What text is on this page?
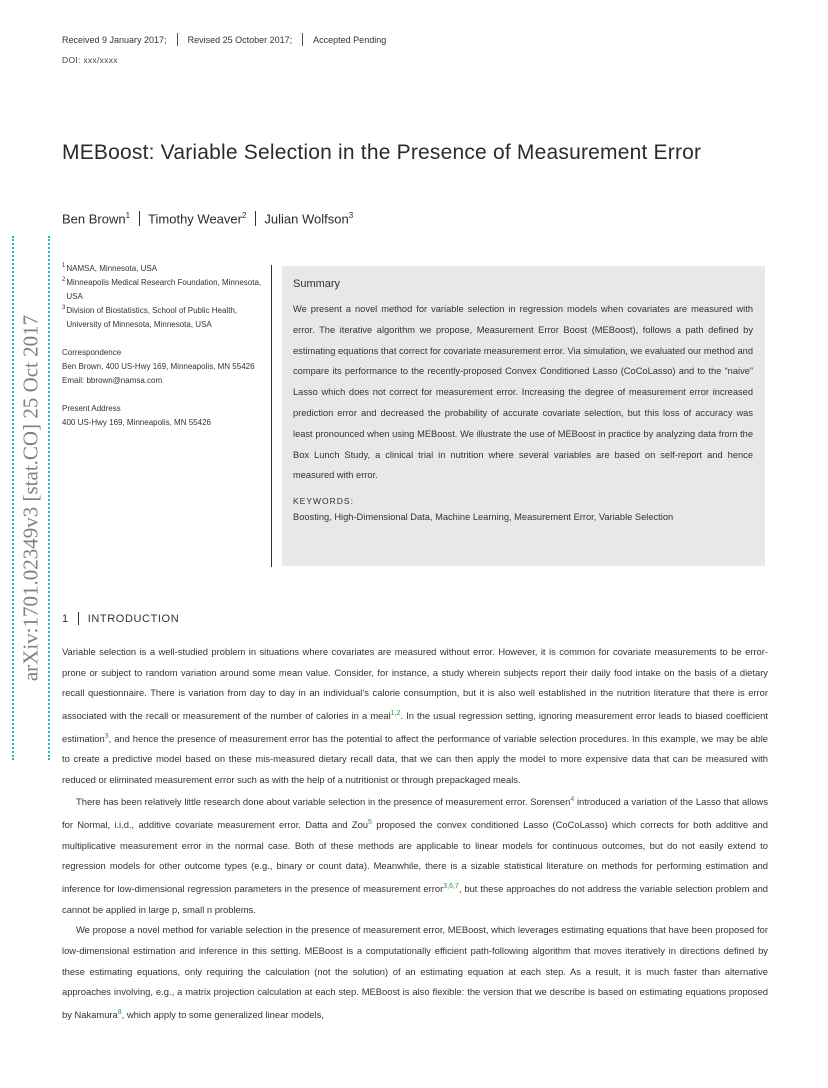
Received 9 January 2017; Revised 25 October 2017; Accepted Pending
DOI: xxx/xxxx
MEBoost: Variable Selection in the Presence of Measurement Error
Ben Brown$^1$ Timothy Weaver$^2$ Julian Wolfson$^3$
arXiv:1701.02349v3 [stat.CO] 25 Oct 2017
1 NAMSA, Minnesota, USA
2 Minneapolis Medical Research Foundation, Minnesota, USA
3 Division of Biostatistics, School of Public Health, University of Minnesota, Minnesota, USA
Correspondence
Ben Brown, 400 US-Hwy 169, Minneapolis, MN 55426 Email: bbrown@namsa.com
Present Address
400 US-Hwy 169, Minneapolis, MN 55426
Summary
We present a novel method for variable selection in regression models when covariates are measured with error. The iterative algorithm we propose, Measurement Error Boost (MEBoost), follows a path defined by estimating equations that correct for covariate measurement error. Via simulation, we evaluated our method and compare its performance to the recently-proposed Convex Conditioned Lasso (CoCoLasso) and to the “naive” Lasso which does not correct for measurement error. Increasing the degree of measurement error increased prediction error and decreased the probability of accurate covariate selection, but this loss of accuracy was least pronounced when using MEBoost. We illustrate the use of MEBoost in practice by analyzing data from the Box Lunch Study, a clinical trial in nutrition where several variables are based on self-report and hence measured with error.
KEYWORDS:
Boosting, High-Dimensional Data, Machine Learning, Measurement Error, Variable Selection
1 INTRODUCTION

Variable selection is a well-studied problem in situations where covariates are measured without error. However, it is common for covariate measurements to be error-prone or subject to random variation around some mean value. Consider, for instance, a study wherein subjects report their daily food intake on the basis of a dietary recall questionnaire. There is variation from day to day in an individual’s calorie consumption, but it is also well established in the nutrition literature that there is error associated with the recall or measurement of the number of calories in a meal$^{1,2}$. In the usual regression setting, ignoring measurement error leads to biased coefficient estimation$^3$, and hence the presence of measurement error has the potential to affect the performance of variable selection procedures. In this example, we may be able to create a predictive model based on these mis-measured dietary recall data, that we can then apply the model to more expensive data that can be measured with reduced or eliminated measurement error such as with the help of a nutritionist or through prepackaged meals.

There has been relatively little research done about variable selection in the presence of measurement error. Sorensen$^4$ introduced a variation of the Lasso that allows for Normal, i.i.d., additive covariate measurement error. Datta and Zou$^5$ proposed the convex conditioned Lasso (CoCoLasso) which corrects for both additive and multiplicative measurement error in the normal case. Both of these methods are applicable to linear models for continuous outcomes, but do not easily extend to regression models for other outcome types (e.g., binary or count data). Meanwhile, there is a sizable statistical literature on methods for performing estimation and inference for low-dimensional regression parameters in the presence of measurement error$^{3,6,7}$, but these approaches do not address the variable selection problem and cannot be applied in large p, small n problems.

We propose a novel method for variable selection in the presence of measurement error, MEBoost, which leverages estimating equations that have been proposed for low-dimensional estimation and inference in this setting. MEBoost is a computationally efficient path-following algorithm that moves iteratively in directions defined by these estimating equations, only requiring the calculation (not the solution) of an estimating equation at each step. As a result, it is much faster than alternative approaches involving, e.g., a matrix projection calculation at each step. MEBoost is also flexible: the version that we describe is based on estimating equations proposed by Nakamura$^8$, which apply to some generalized linear models,
